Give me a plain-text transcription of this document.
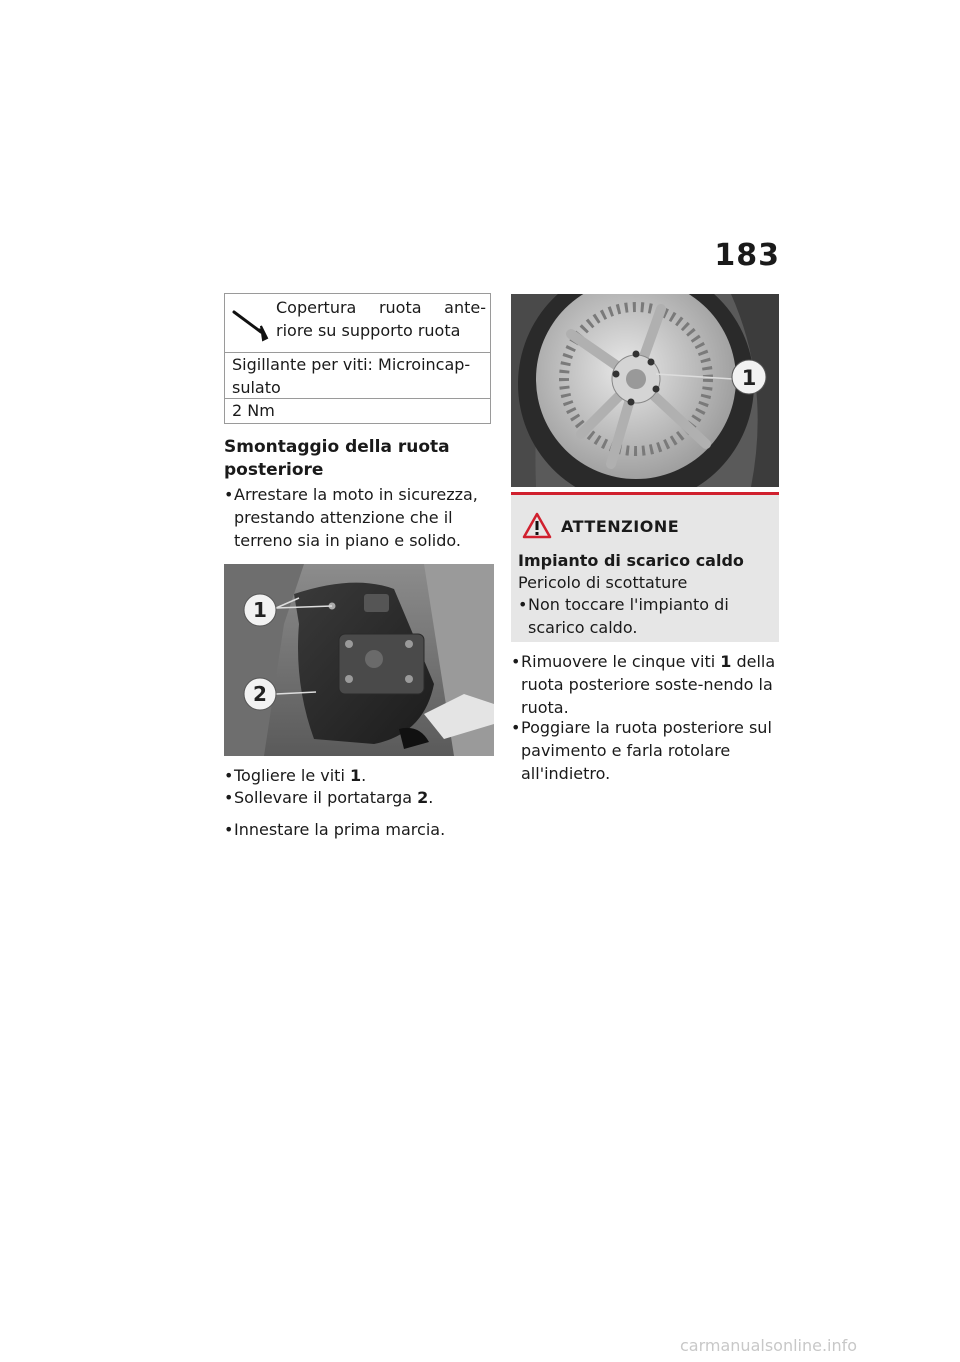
183
Copertura ruota ante-riore su supporto ruota
Sigillante per viti: Microincap-sulato
2 Nm
Smontaggio della ruota posteriore
• Arrestare la moto in sicurezza, prestando attenzione che il terreno sia in piano e solido.
1
2
• Togliere le viti 1.
• Sollevare il portatarga 2.
• Innestare la prima marcia.
1
ATTENZIONE
Impianto di scarico caldo
Pericolo di scottature
• Non toccare l'impianto di scarico caldo.
• Rimuovere le cinque viti 1 della ruota posteriore soste-nendo la ruota.
• Poggiare la ruota posteriore sul pavimento e farla rotolare all'indietro.
carmanualsonline.info
